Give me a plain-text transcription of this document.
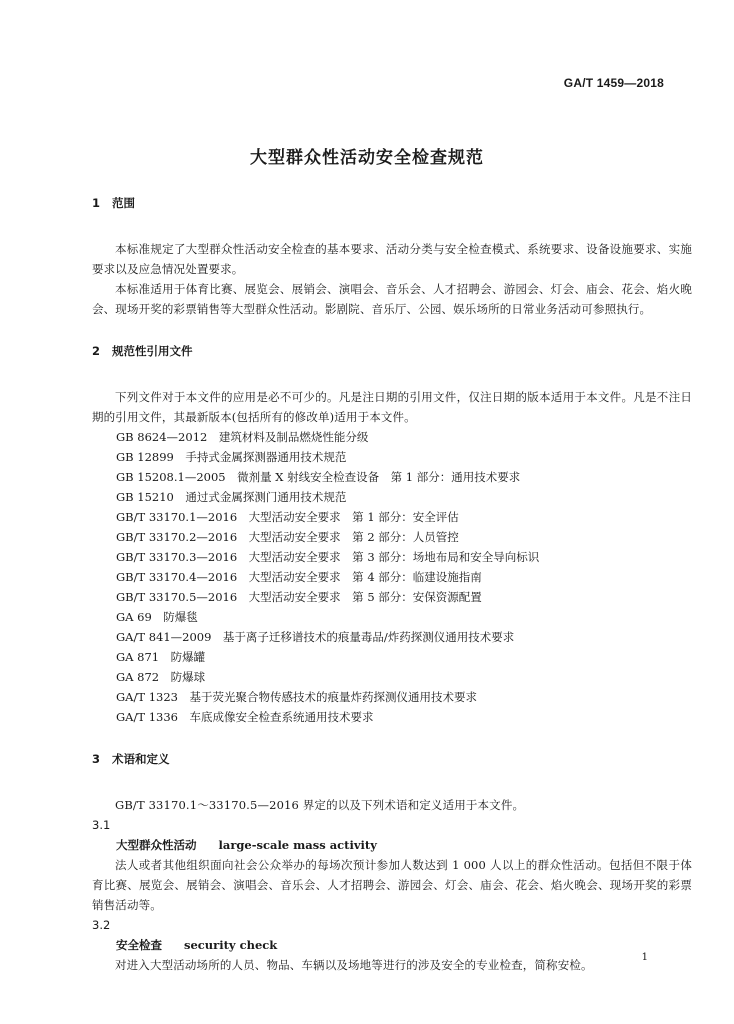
GA/T 1459—2018
大型群众性活动安全检查规范
1 范围

本标准规定了大型群众性活动安全检查的基本要求、活动分类与安全检查模式、系统要求、设备设施要求、实施要求以及应急情况处置要求。

本标准适用于体育比赛、展览会、展销会、演唱会、音乐会、人才招聘会、游园会、灯会、庙会、花会、焰火晚会、现场开奖的彩票销售等大型群众性活动。影剧院、音乐厅、公园、娱乐场所的日常业务活动可参照执行。

2 规范性引用文件

下列文件对于本文件的应用是必不可少的。凡是注日期的引用文件，仅注日期的版本适用于本文件。凡是不注日期的引用文件，其最新版本(包括所有的修改单)适用于本文件。

GB 8624—2012　 建筑材料及制品燃烧性能分级
GB 12899　 手持式金属探测器通用技术规范
GB 15208.1—2005　 微剂量 X 射线安全检查设备　第 1 部分：通用技术要求
GB 15210　 通过式金属探测门通用技术规范
GB/T 33170.1—2016　 大型活动安全要求　第 1 部分：安全评估
GB/T 33170.2—2016　 大型活动安全要求　第 2 部分：人员管控
GB/T 33170.3—2016　 大型活动安全要求　第 3 部分：场地布局和安全导向标识
GB/T 33170.4—2016　 大型活动安全要求　第 4 部分：临建设施指南
GB/T 33170.5—2016　 大型活动安全要求　第 5 部分：安保资源配置
GA 69　 防爆毯
GA/T 841—2009　 基于离子迁移谱技术的痕量毒品/炸药探测仪通用技术要求
GA 871　 防爆罐
GA 872　 防爆球
GA/T 1323　 基于荧光聚合物传感技术的痕量炸药探测仪通用技术要求
GA/T 1336　 车底成像安全检查系统通用技术要求
3 术语和定义

GB/T 33170.1～33170.5—2016 界定的以及下列术语和定义适用于本文件。

3.1
大型群众性活动 large-scale mass activity

法人或者其他组织面向社会公众举办的每场次预计参加人数达到 1 000 人以上的群众性活动。包括但不限于体育比赛、展览会、展销会、演唱会、音乐会、人才招聘会、游园会、灯会、庙会、花会、焰火晚会、现场开奖的彩票销售活动等。

3.2
安全检查 security check

对进入大型活动场所的人员、物品、车辆以及场地等进行的涉及安全的专业检查，简称安检。

1
